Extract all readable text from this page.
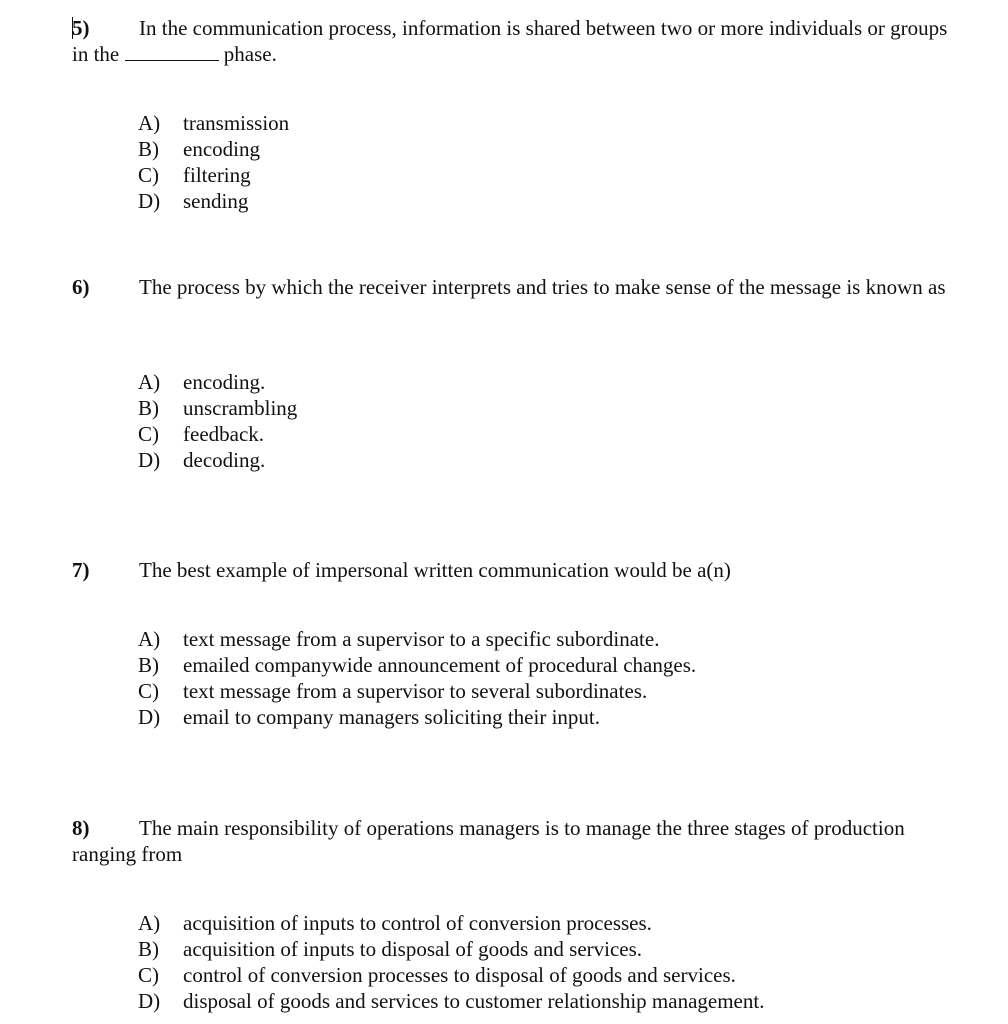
5) In the communication process, information is shared between two or more individuals or groups in the	phase.

A) transmission
B) encoding
C) filtering
D) sending

6) The process by which the receiver interprets and tries to make sense of the message is known as

A) encoding.
B) unscrambling
C) feedback.
D) decoding.

7) The best example of impersonal written communication would be a(n)

A) text message from a supervisor to a specific subordinate.
B) emailed companywide announcement of procedural changes.
C) text message from a supervisor to several subordinates.
D) email to company managers soliciting their input.

8) The main responsibility of operations managers is to manage the three stages of production ranging from

A) acquisition of inputs to control of conversion processes.
B) acquisition of inputs to disposal of goods and services.
C) control of conversion processes to disposal of goods and services.
D) disposal of goods and services to customer relationship management.
